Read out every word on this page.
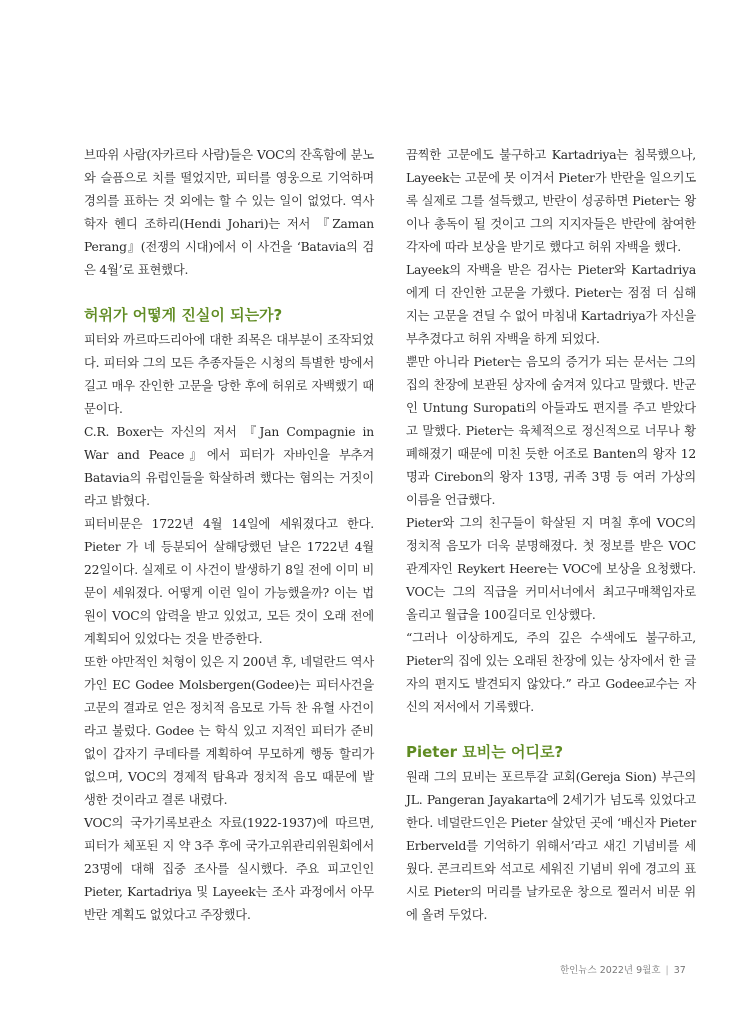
브따위 사람(자카르타 사람)들은 VOC의 잔혹함에 분노와 슬픔으로 치를 떨었지만, 피터를 영웅으로 기억하며 경의를 표하는 것 외에는 할 수 있는 일이 없었다. 역사학자 헨디 조하리(Hendi Johari)는 저서 『Zaman Perang』(전쟁의 시대)에서 이 사건을 ‘Batavia의 검은 4월’로 표현했다.

허위가 어떻게 진실이 되는가?

피터와 까르따드리아에 대한 죄목은 대부분이 조작되었다. 피터와 그의 모든 추종자들은 시청의 특별한 방에서 길고 매우 잔인한 고문을 당한 후에 허위로 자백했기 때문이다.

C.R. Boxer는 자신의 저서 『Jan Compagnie in War and Peace』에서 피터가 자바인을 부추겨 Batavia의 유럽인들을 학살하려 했다는 혐의는 거짓이라고 밝혔다.

피터비문은 1722년 4월 14일에 세워졌다고 한다. Pieter 가 네 등분되어 살해당했던 날은 1722년 4월 22일이다. 실제로 이 사건이 발생하기 8일 전에 이미 비문이 세워졌다. 어떻게 이런 일이 가능했을까? 이는 법원이 VOC의 압력을 받고 있었고, 모든 것이 오래 전에 계획되어 있었다는 것을 반증한다.

또한 야만적인 처형이 있은 지 200년 후, 네덜란드 역사가인 EC Godee Molsbergen(Godee)는 피터사건을 고문의 결과로 얻은 정치적 음모로 가득 찬 유혈 사건이라고 불렀다. Godee 는 학식 있고 지적인 피터가 준비없이 갑자기 쿠데타를 계획하여 무모하게 행동 할리가 없으며, VOC의 경제적 탐욕과 정치적 음모 때문에 발생한 것이라고 결론 내렸다.

VOC의 국가기록보관소 자료(1922-1937)에 따르면, 피터가 체포된 지 약 3주 후에 국가고위관리위원회에서 23명에 대해 집중 조사를 실시했다. 주요 피고인인 Pieter, Kartadriya 및 Layeek는 조사 과정에서 아무 반란 계획도 없었다고 주장했다.

끔찍한 고문에도 불구하고 Kartadriya는 침묵했으나, Layeek는 고문에 못 이겨서 Pieter가 반란을 일으키도록 실제로 그를 설득했고, 반란이 성공하면 Pieter는 왕이나 총독이 될 것이고 그의 지지자들은 반란에 참여한 각자에 따라 보상을 받기로 했다고 허위 자백을 했다.

Layeek의 자백을 받은 검사는 Pieter와 Kartadriya에게 더 잔인한 고문을 가했다. Pieter는 점점 더 심해지는 고문을 견딜 수 없어 마침내 Kartadriya가 자신을 부추겼다고 허위 자백을 하게 되었다.

뿐만 아니라 Pieter는 음모의 증거가 되는 문서는 그의 집의 찬장에 보관된 상자에 숨겨져 있다고 말했다. 반군인 Untung Suropati의 아들과도 편지를 주고 받았다고 말했다. Pieter는 육체적으로 정신적으로 너무나 황폐해졌기 때문에 미친 듯한 어조로 Banten의 왕자 12명과 Cirebon의 왕자 13명, 귀족 3명 등 여러 가상의 이름을 언급했다.

Pieter와 그의 친구들이 학살된 지 며칠 후에 VOC의 정치적 음모가 더욱 분명해졌다. 첫 정보를 받은 VOC 관계자인 Reykert Heere는 VOC에 보상을 요청했다. VOC는 그의 직급을 커미서너에서 최고구매책임자로 올리고 월급을 100길더로 인상했다.

“그러나 이상하게도, 주의 깊은 수색에도 불구하고, Pieter의 집에 있는 오래된 찬장에 있는 상자에서 한 글자의 편지도 발견되지 않았다.” 라고 Godee교수는 자신의 저서에서 기록했다.

Pieter 묘비는 어디로?

원래 그의 묘비는 포르투갈 교회(Gereja Sion) 부근의 JL. Pangeran Jayakarta에 2세기가 넘도록 있었다고 한다. 네덜란드인은 Pieter 살았던 곳에 ‘배신자 Pieter Erberveld를 기억하기 위해서’라고 새긴 기념비를 세웠다. 콘크리트와 석고로 세워진 기념비 위에 경고의 표시로 Pieter의 머리를 날카로운 창으로 찔러서 비문 위에 올려 두었다.

한인뉴스 2022년 9월호 | 37
